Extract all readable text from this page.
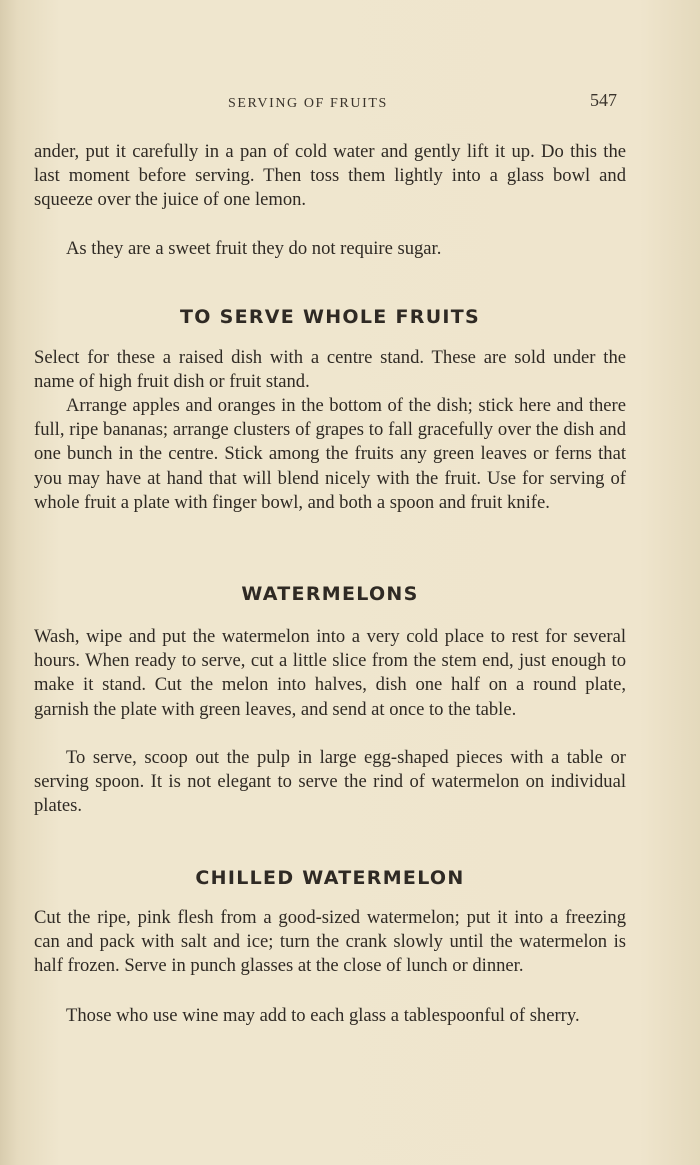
SERVING OF FRUITS	547

ander, put it carefully in a pan of cold water and gently lift it up. Do this the last moment before serving. Then toss them lightly into a glass bowl and squeeze over the juice of one lemon.

As they are a sweet fruit they do not require sugar.

TO SERVE WHOLE FRUITS

Select for these a raised dish with a centre stand. These are sold under the name of high fruit dish or fruit stand.

Arrange apples and oranges in the bottom of the dish; stick here and there full, ripe bananas; arrange clusters of grapes to fall gracefully over the dish and one bunch in the centre. Stick among the fruits any green leaves or ferns that you may have at hand that will blend nicely with the fruit. Use for serving of whole fruit a plate with finger bowl, and both a spoon and fruit knife.

WATERMELONS

Wash, wipe and put the watermelon into a very cold place to rest for several hours. When ready to serve, cut a little slice from the stem end, just enough to make it stand. Cut the melon into halves, dish one half on a round plate, garnish the plate with green leaves, and send at once to the table.

To serve, scoop out the pulp in large egg-shaped pieces with a table or serving spoon. It is not elegant to serve the rind of watermelon on individual plates.

CHILLED WATERMELON

Cut the ripe, pink flesh from a good-sized watermelon; put it into a freezing can and pack with salt and ice; turn the crank slowly until the watermelon is half frozen. Serve in punch glasses at the close of lunch or dinner.

Those who use wine may add to each glass a tablespoonful of sherry.
